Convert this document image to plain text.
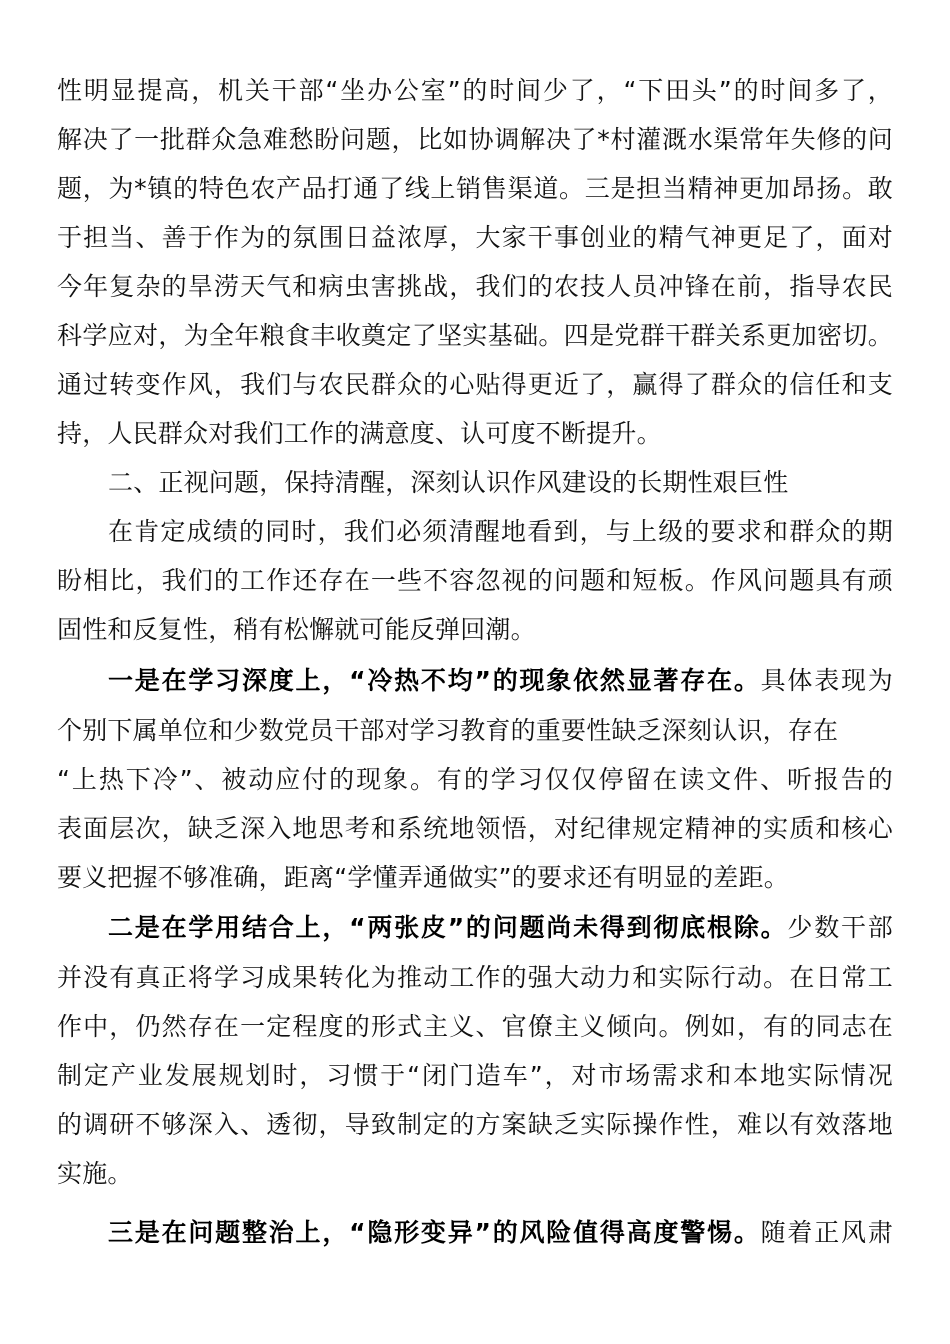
性明显提高，机关干部“坐办公室”的时间少了，“下田头”的时间多了，
解决了一批群众急难愁盼问题，比如协调解决了*村灌溉水渠常年失修的问
题，为*镇的特色农产品打通了线上销售渠道。三是担当精神更加昂扬。敢
于担当、善于作为的氛围日益浓厚，大家干事创业的精气神更足了，面对
今年复杂的旱涝天气和病虫害挑战，我们的农技人员冲锋在前，指导农民
科学应对，为全年粮食丰收奠定了坚实基础。四是党群干群关系更加密切。
通过转变作风，我们与农民群众的心贴得更近了，赢得了群众的信任和支
持，人民群众对我们工作的满意度、认可度不断提升。
二、正视问题，保持清醒，深刻认识作风建设的长期性艰巨性
在肯定成绩的同时，我们必须清醒地看到，与上级的要求和群众的期
盼相比，我们的工作还存在一些不容忽视的问题和短板。作风问题具有顽
固性和反复性，稍有松懈就可能反弹回潮。
一是在学习深度上，“冷热不均”的现象依然显著存在。具体表现为
个别下属单位和少数党员干部对学习教育的重要性缺乏深刻认识，存在
“上热下冷”、被动应付的现象。有的学习仅仅停留在读文件、听报告的
表面层次，缺乏深入地思考和系统地领悟，对纪律规定精神的实质和核心
要义把握不够准确，距离“学懂弄通做实”的要求还有明显的差距。
二是在学用结合上，“两张皮”的问题尚未得到彻底根除。少数干部
并没有真正将学习成果转化为推动工作的强大动力和实际行动。在日常工
作中，仍然存在一定程度的形式主义、官僚主义倾向。例如，有的同志在
制定产业发展规划时，习惯于“闭门造车”，对市场需求和本地实际情况
的调研不够深入、透彻，导致制定的方案缺乏实际操作性，难以有效落地
实施。
三是在问题整治上，“隐形变异”的风险值得高度警惕。随着正风肃
